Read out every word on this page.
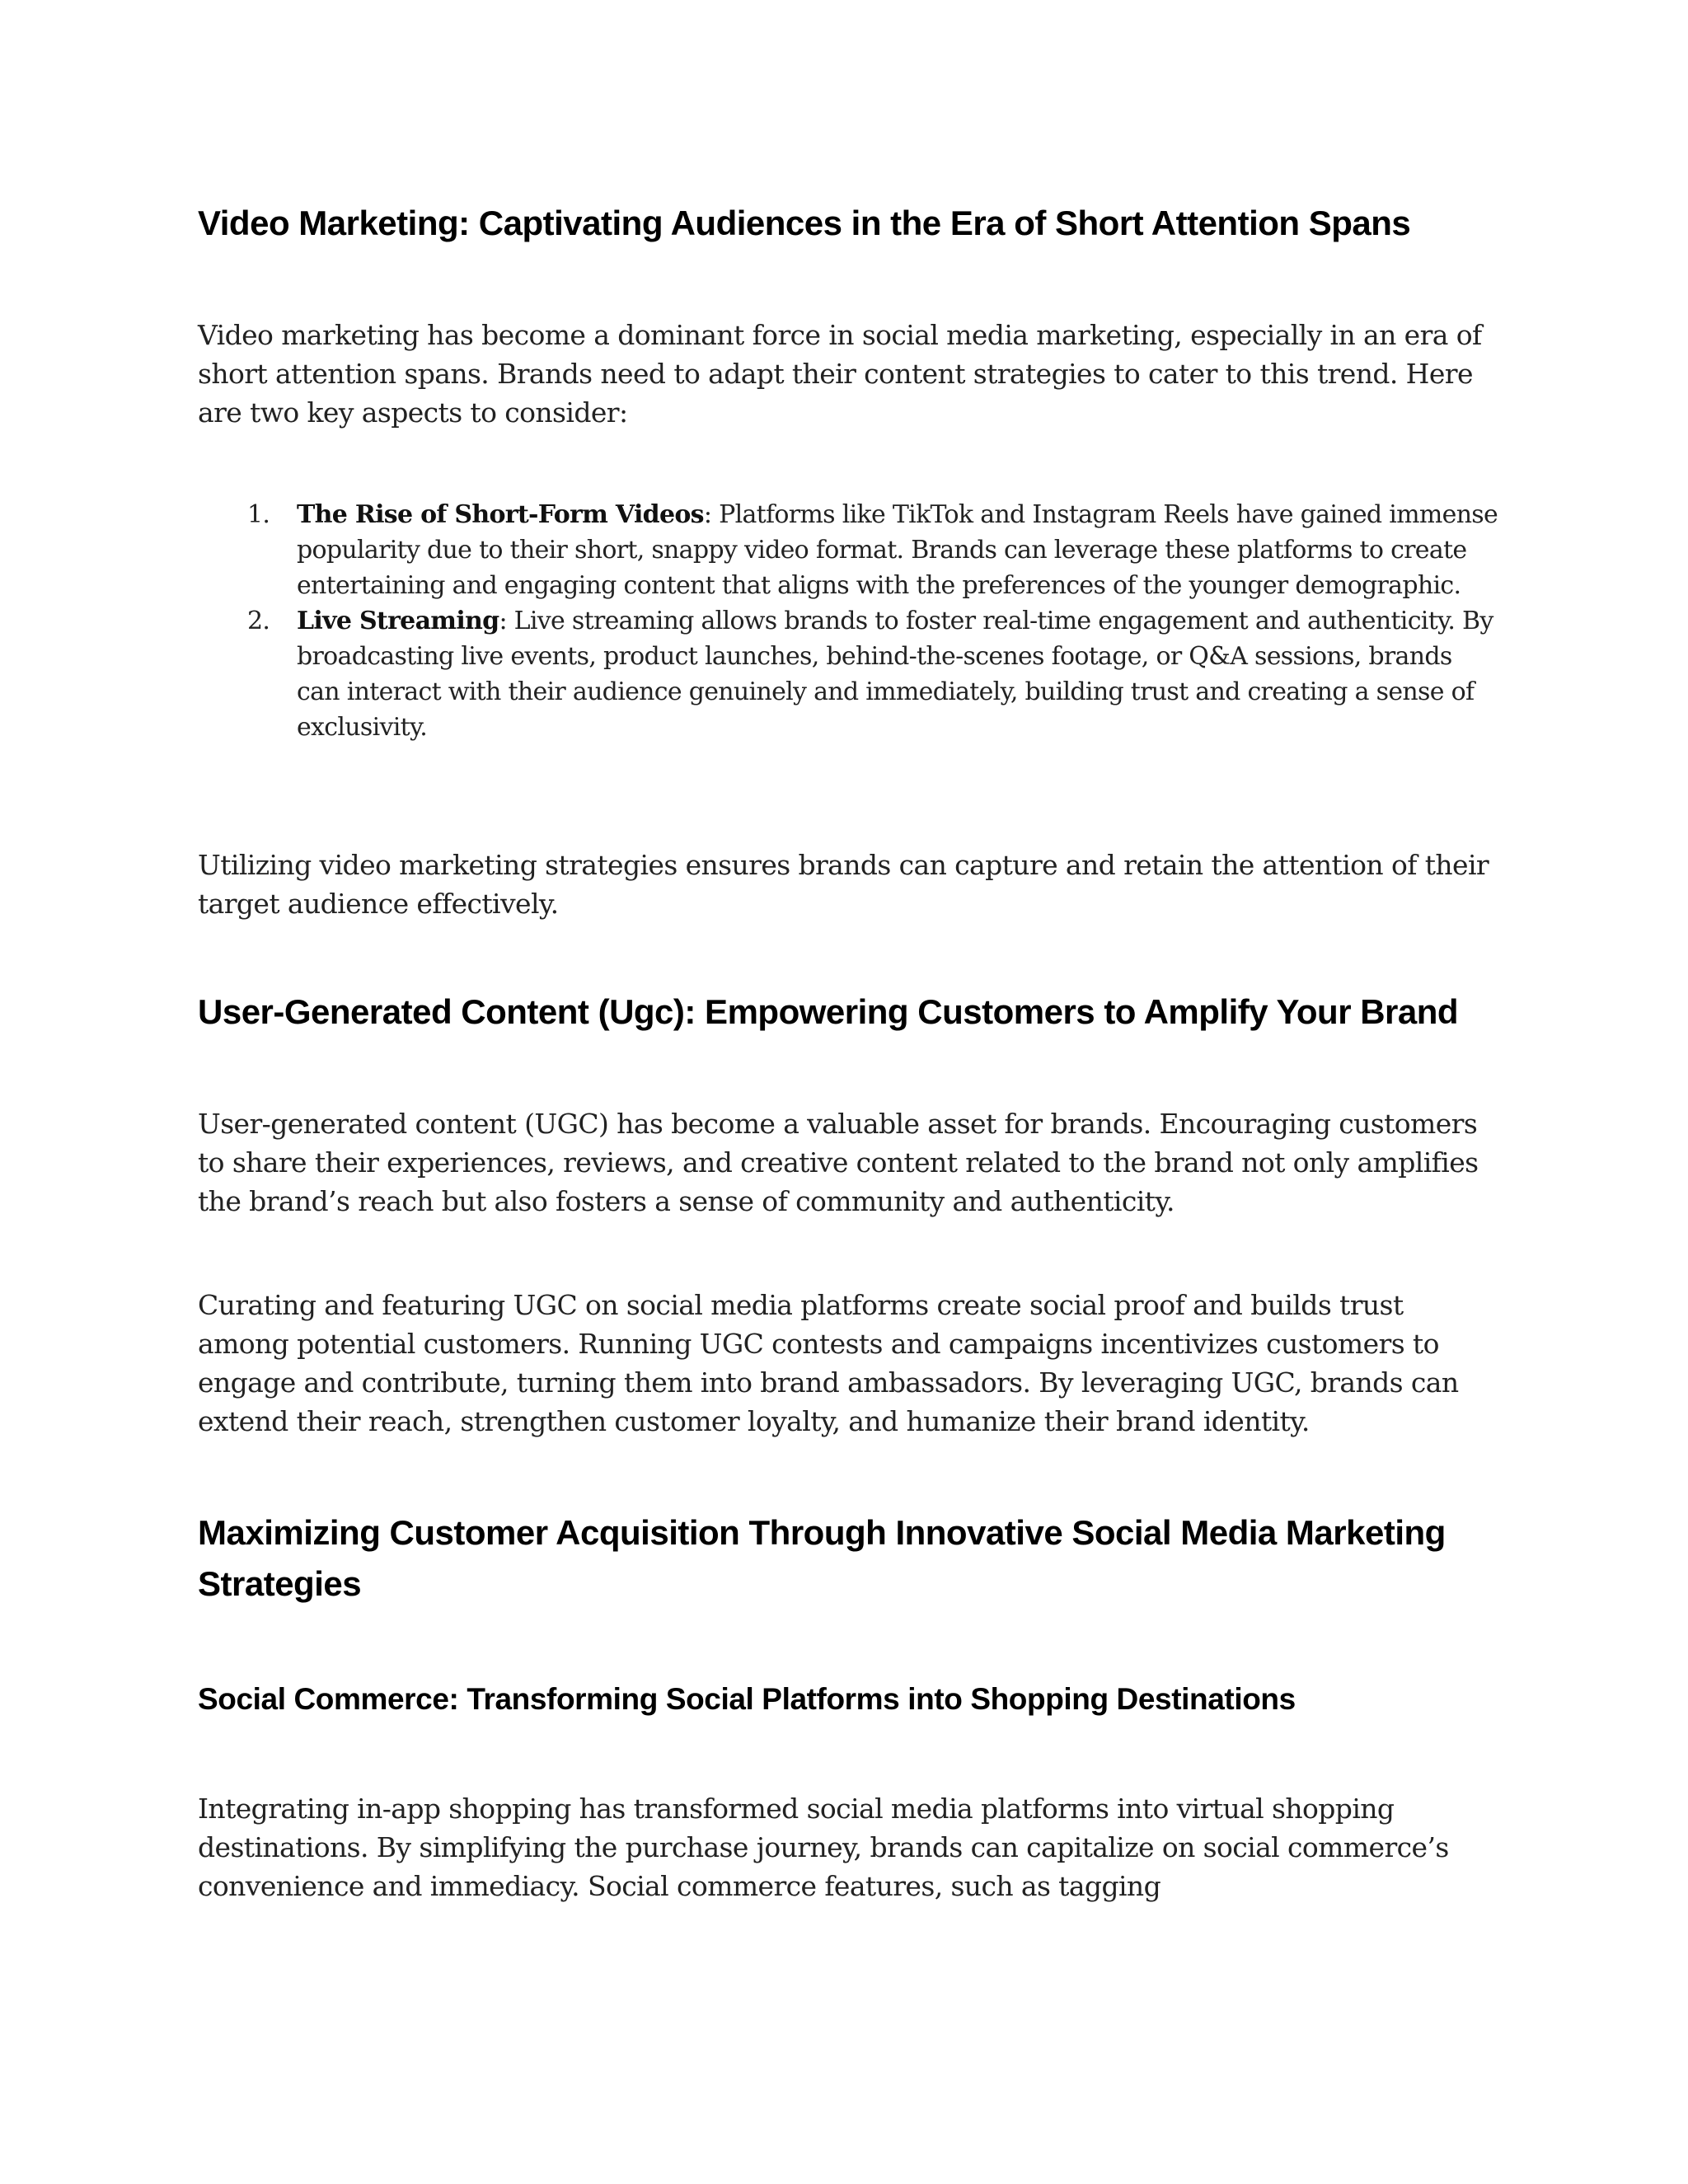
Video Marketing: Captivating Audiences in the Era of Short Attention Spans

Video marketing has become a dominant force in social media marketing, especially in an era of short attention spans. Brands need to adapt their content strategies to cater to this trend. Here are two key aspects to consider:

1. The Rise of Short-Form Videos: Platforms like TikTok and Instagram Reels have gained immense popularity due to their short, snappy video format. Brands can leverage these platforms to create entertaining and engaging content that aligns with the preferences of the younger demographic.
2. Live Streaming: Live streaming allows brands to foster real-time engagement and authenticity. By broadcasting live events, product launches, behind-the-scenes footage, or Q&A sessions, brands can interact with their audience genuinely and immediately, building trust and creating a sense of exclusivity.

Utilizing video marketing strategies ensures brands can capture and retain the attention of their target audience effectively.

User-Generated Content (Ugc): Empowering Customers to Amplify Your Brand

User-generated content (UGC) has become a valuable asset for brands. Encouraging customers to share their experiences, reviews, and creative content related to the brand not only amplifies the brand’s reach but also fosters a sense of community and authenticity.

Curating and featuring UGC on social media platforms create social proof and builds trust among potential customers. Running UGC contests and campaigns incentivizes customers to engage and contribute, turning them into brand ambassadors. By leveraging UGC, brands can extend their reach, strengthen customer loyalty, and humanize their brand identity.

Maximizing Customer Acquisition Through Innovative Social Media Marketing Strategies
Social Commerce: Transforming Social Platforms into Shopping Destinations

Integrating in-app shopping has transformed social media platforms into virtual shopping destinations. By simplifying the purchase journey, brands can capitalize on social commerce’s convenience and immediacy. Social commerce features, such as tagging
